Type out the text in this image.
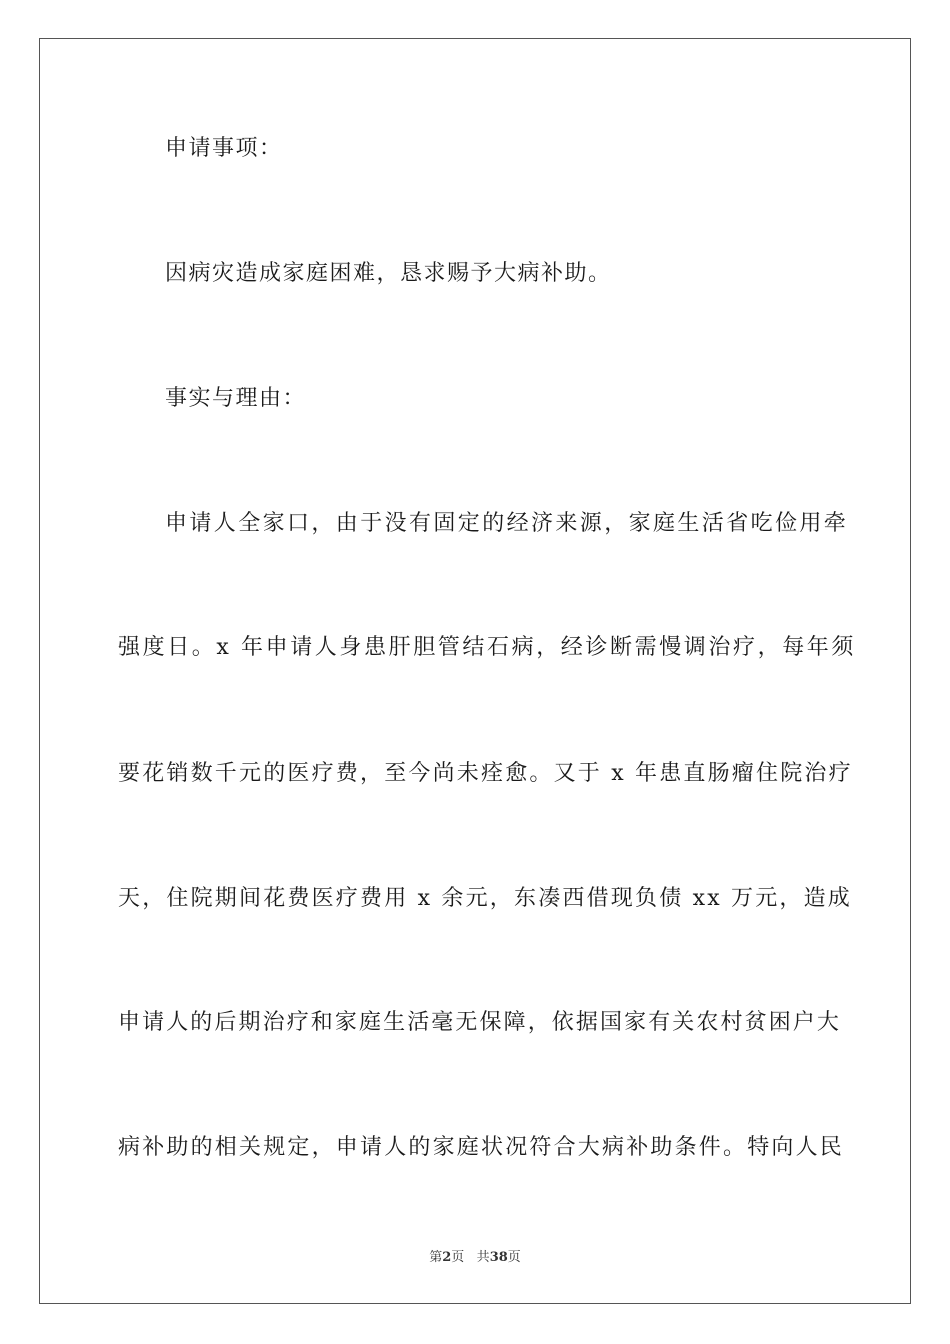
申请事项：
因病灾造成家庭困难，恳求赐予大病补助。
事实与理由：
申请人全家口，由于没有固定的经济来源，家庭生活省吃俭用牵
强度日。x 年申请人身患肝胆管结石病，经诊断需慢调治疗，每年须
要花销数千元的医疗费，至今尚未痊愈。又于 x 年患直肠瘤住院治疗
天，住院期间花费医疗费用 x 余元，东凑西借现负债 xx 万元，造成
申请人的后期治疗和家庭生活毫无保障，依据国家有关农村贫困户大
病补助的相关规定，申请人的家庭状况符合大病补助条件。特向人民
第2页 共38页
